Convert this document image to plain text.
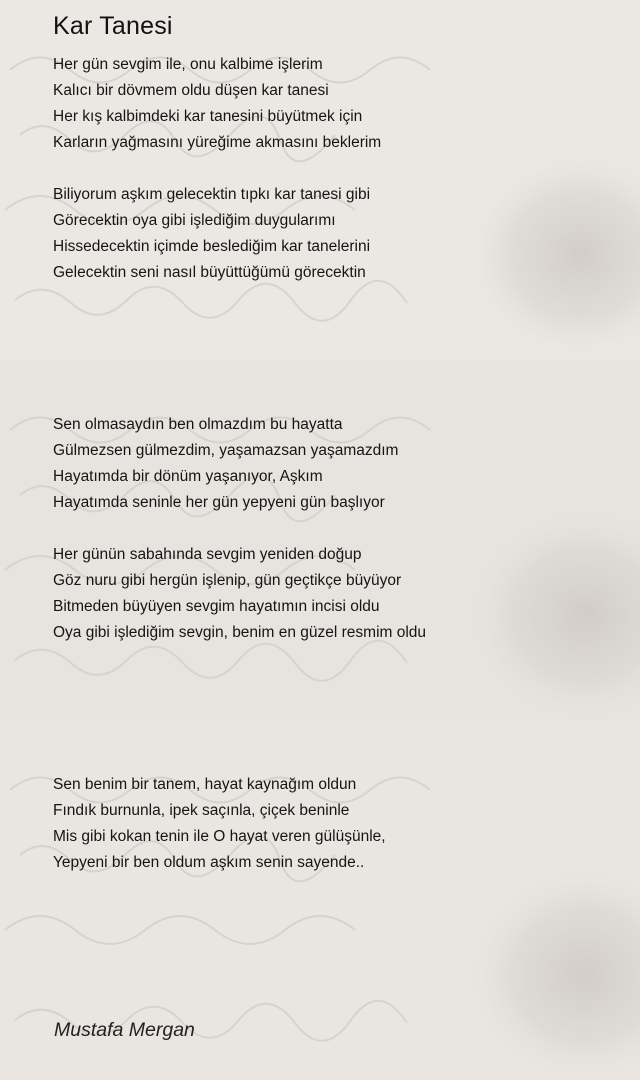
Kar Tanesi
Her gün sevgim ile, onu kalbime işlerim
Kalıcı bir dövmem oldu düşen kar tanesi
Her kış kalbimdeki kar tanesini büyütmek için
Karların yağmasını yüreğime akmasını beklerim
Biliyorum aşkım gelecektin tıpkı kar tanesi gibi
Görecektin oya gibi işlediğim duygularımı
Hissedecektin içimde beslediğim kar tanelerini
Gelecektin seni nasıl büyüttüğümü görecektin
Sen olmasaydın ben olmazdım bu hayatta
Gülmezsen gülmezdim, yaşamazsan yaşamazdım
Hayatımda bir dönüm yaşanıyor, Aşkım
Hayatımda seninle her gün yepyeni gün başlıyor
Her günün sabahında sevgim yeniden doğup
Göz nuru gibi hergün işlenip, gün geçtikçe büyüyor
Bitmeden büyüyen sevgim hayatımın incisi oldu
Oya gibi işlediğim sevgin, benim en güzel resmim oldu
Sen benim bir tanem, hayat kaynağım oldun
Fındık burnunla, ipek saçınla, çiçek beninle
Mis gibi kokan tenin ile O hayat veren gülüşünle,
Yepyeni bir ben oldum aşkım senin sayende..
Mustafa Mergan
